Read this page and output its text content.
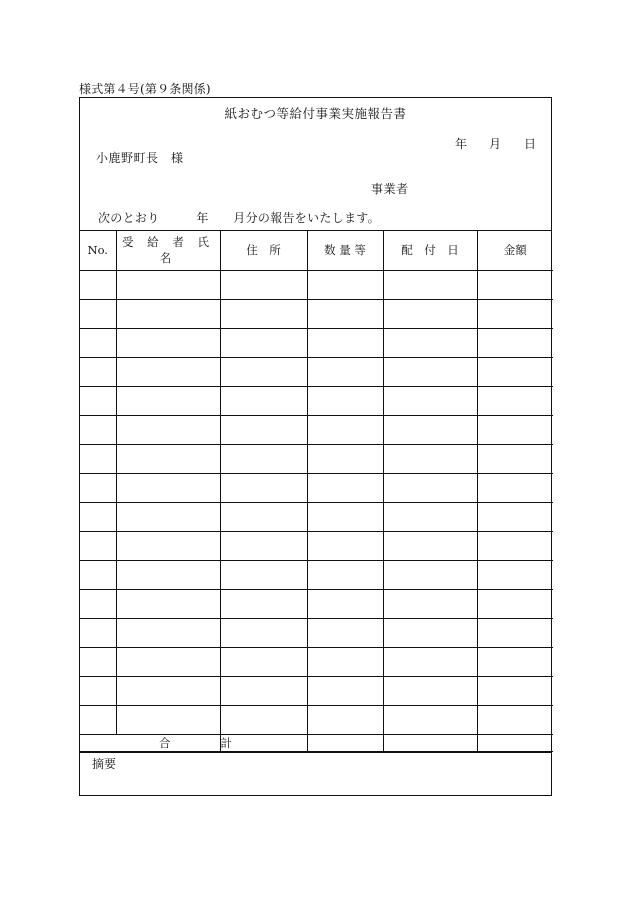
様式第４号(第９条関係)
紙おむつ等給付事業実施報告書
年 月 日
小鹿野町長　様
事業者
次のとおり　　　年　　月分の報告をいたします。
No.	受 給 者 氏 名	住　所	数 量 等	配　付　日	金額

合 計					
摘要
